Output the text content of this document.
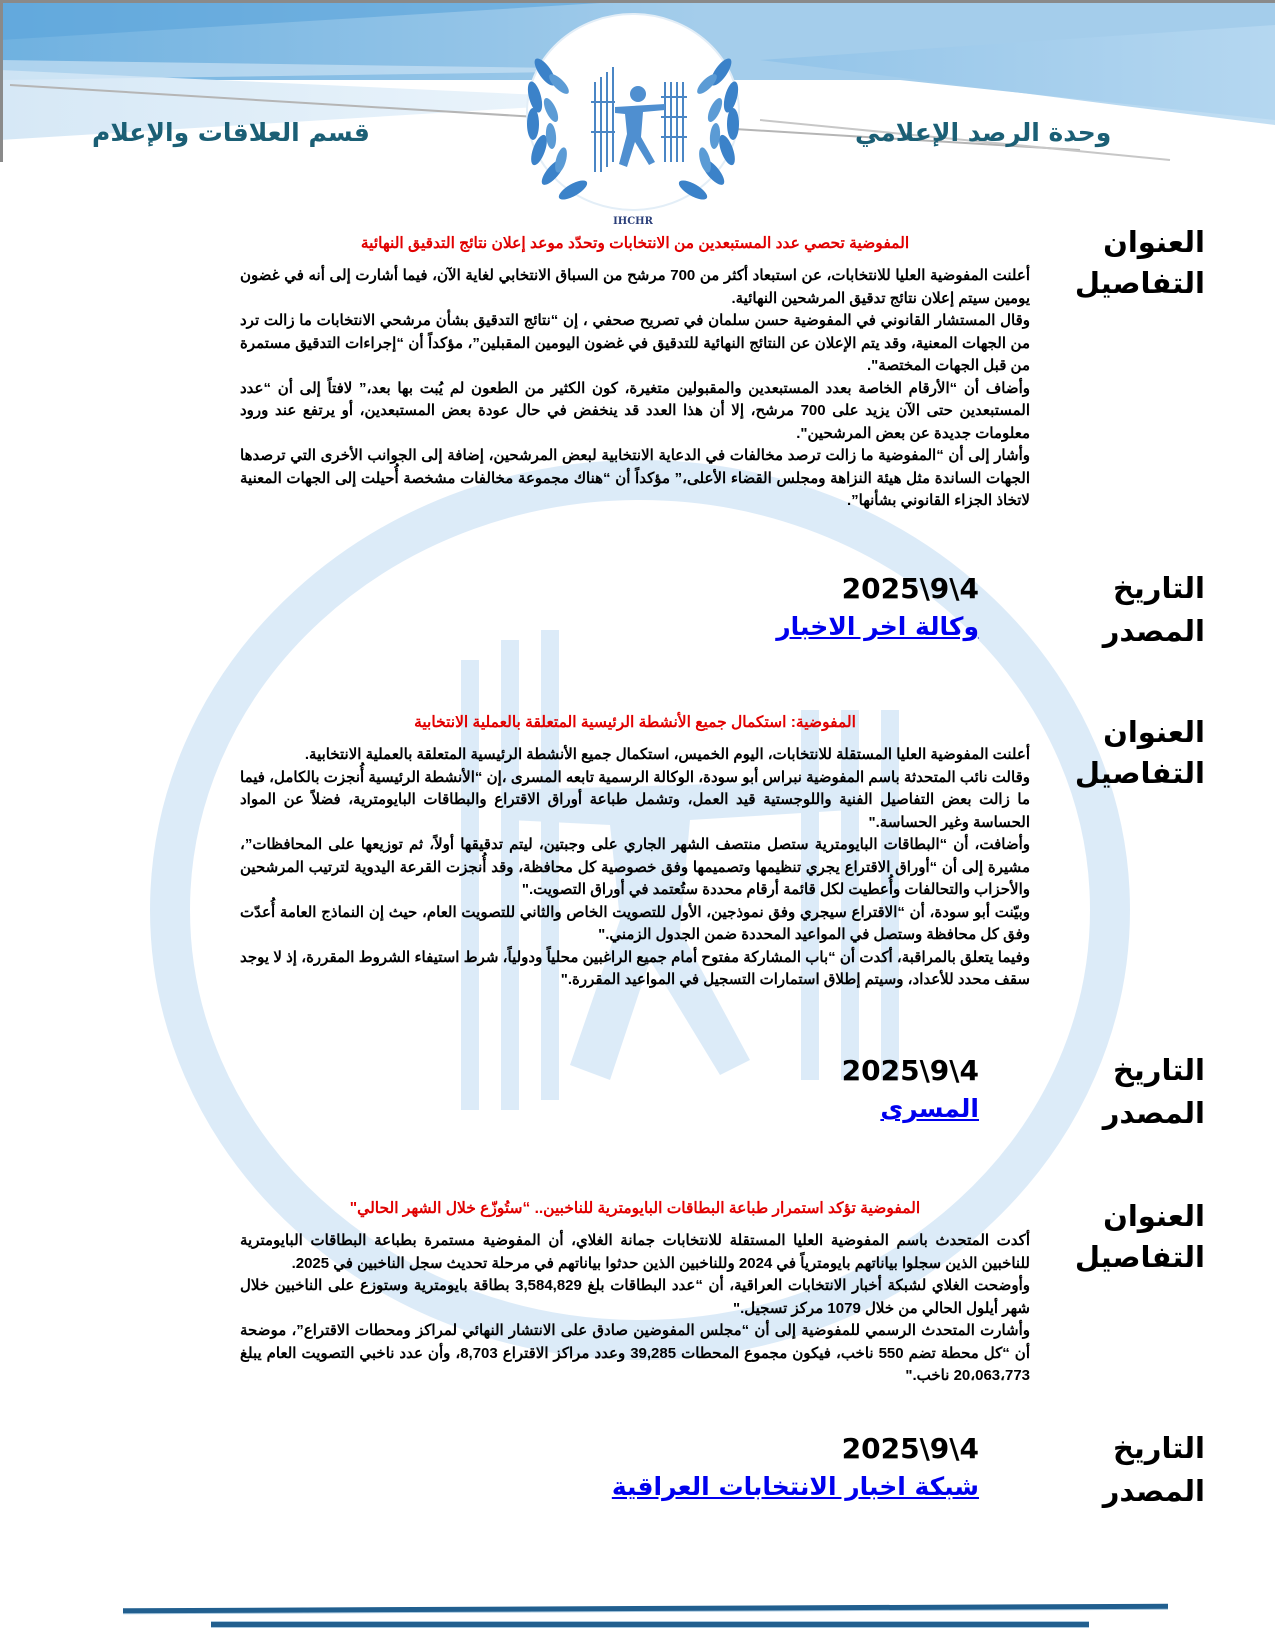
وحدة الرصد الإعلامي
قسم العلاقات والإعلام
IHCHR
العنوان
التفاصيل
المفوضية تحصي عدد المستبعدين من الانتخابات وتحدّد موعد إعلان نتائج التدقيق النهائية

أعلنت المفوضية العليا للانتخابات، عن استبعاد أكثر من 700 مرشح من السباق الانتخابي لغاية الآن، فيما أشارت إلى أنه في غضون يومين سيتم إعلان نتائج تدقيق المرشحين النهائية.

وقال المستشار القانوني في المفوضية حسن سلمان في تصريح صحفي ، إن “نتائج التدقيق بشأن مرشحي الانتخابات ما زالت ترد من الجهات المعنية، وقد يتم الإعلان عن النتائج النهائية للتدقيق في غضون اليومين المقبلين”، مؤكداً أن “إجراءات التدقيق مستمرة من قبل الجهات المختصة".

وأضاف أن “الأرقام الخاصة بعدد المستبعدين والمقبولين متغيرة، كون الكثير من الطعون لم يُبت بها بعد،” لافتاً إلى أن “عدد المستبعدين حتى الآن يزيد على 700 مرشح، إلا أن هذا العدد قد ينخفض في حال عودة بعض المستبعدين، أو يرتفع عند ورود معلومات جديدة عن بعض المرشحين".

وأشار إلى أن “المفوضية ما زالت ترصد مخالفات في الدعاية الانتخابية لبعض المرشحين، إضافة إلى الجوانب الأخرى التي ترصدها الجهات الساندة مثل هيئة النزاهة ومجلس القضاء الأعلى،” مؤكداً أن “هناك مجموعة مخالفات مشخصة أُحيلت إلى الجهات المعنية لاتخاذ الجزاء القانوني بشأنها”.

التاريخ
2025\9\4
المصدر
وكالة اخر الاخبار
العنوان
التفاصيل
المفوضية: استكمال جميع الأنشطة الرئيسية المتعلقة بالعملية الانتخابية

أعلنت المفوضية العليا المستقلة للانتخابات، اليوم الخميس، استكمال جميع الأنشطة الرئيسية المتعلقة بالعملية الانتخابية.

وقالت نائب المتحدثة باسم المفوضية نبراس أبو سودة، الوكالة الرسمية تابعه المسرى ،إن “الأنشطة الرئيسية أُنجزت بالكامل، فيما ما زالت بعض التفاصيل الفنية واللوجستية قيد العمل، وتشمل طباعة أوراق الاقتراع والبطاقات البايومترية، فضلاً عن المواد الحساسة وغير الحساسة."

وأضافت، أن “البطاقات البايومترية ستصل منتصف الشهر الجاري على وجبتين، ليتم تدقيقها أولاً، ثم توزيعها على المحافظات”، مشيرة إلى أن “أوراق الاقتراع يجري تنظيمها وتصميمها وفق خصوصية كل محافظة، وقد أُنجزت القرعة اليدوية لترتيب المرشحين والأحزاب والتحالفات وأُعطيت لكل قائمة أرقام محددة ستُعتمد في أوراق التصويت."

وبيّنت أبو سودة، أن “الاقتراع سيجري وفق نموذجين، الأول للتصويت الخاص والثاني للتصويت العام، حيث إن النماذج العامة أُعدّت وفق كل محافظة وستصل في المواعيد المحددة ضمن الجدول الزمني."

وفيما يتعلق بالمراقبة، أكدت أن “باب المشاركة مفتوح أمام جميع الراغبين محلياً ودولياً، شرط استيفاء الشروط المقررة، إذ لا يوجد سقف محدد للأعداد، وسيتم إطلاق استمارات التسجيل في المواعيد المقررة."

التاريخ
2025\9\4
المصدر
المسرى
العنوان
التفاصيل
المفوضية تؤكد استمرار طباعة البطاقات البايومترية للناخبين.. “ستُوزّع خلال الشهر الحالي"

أكدت المتحدث باسم المفوضية العليا المستقلة للانتخابات جمانة الغلاي، أن المفوضية مستمرة بطباعة البطاقات البايومترية للناخبين الذين سجلوا بياناتهم بايومترياً في 2024 وللناخبين الذين حدثوا بياناتهم في مرحلة تحديث سجل الناخبين في 2025.

وأوضحت الغلاي لشبكة أخبار الانتخابات العراقية، أن “عدد البطاقات بلغ 3,584,829 بطاقة بايومترية وستوزع على الناخبين خلال شهر أيلول الحالي من خلال 1079 مركز تسجيل."

وأشارت المتحدث الرسمي للمفوضية إلى أن “مجلس المفوضين صادق على الانتشار النهائي لمراكز ومحطات الاقتراع”، موضحة أن “كل محطة تضم 550 ناخب، فيكون مجموع المحطات 39,285 وعدد مراكز الاقتراع 8,703، وأن عدد ناخبي التصويت العام يبلغ 20،063،773 ناخب."

التاريخ
2025\9\4
المصدر
شبكة اخبار الانتخابات العراقية
